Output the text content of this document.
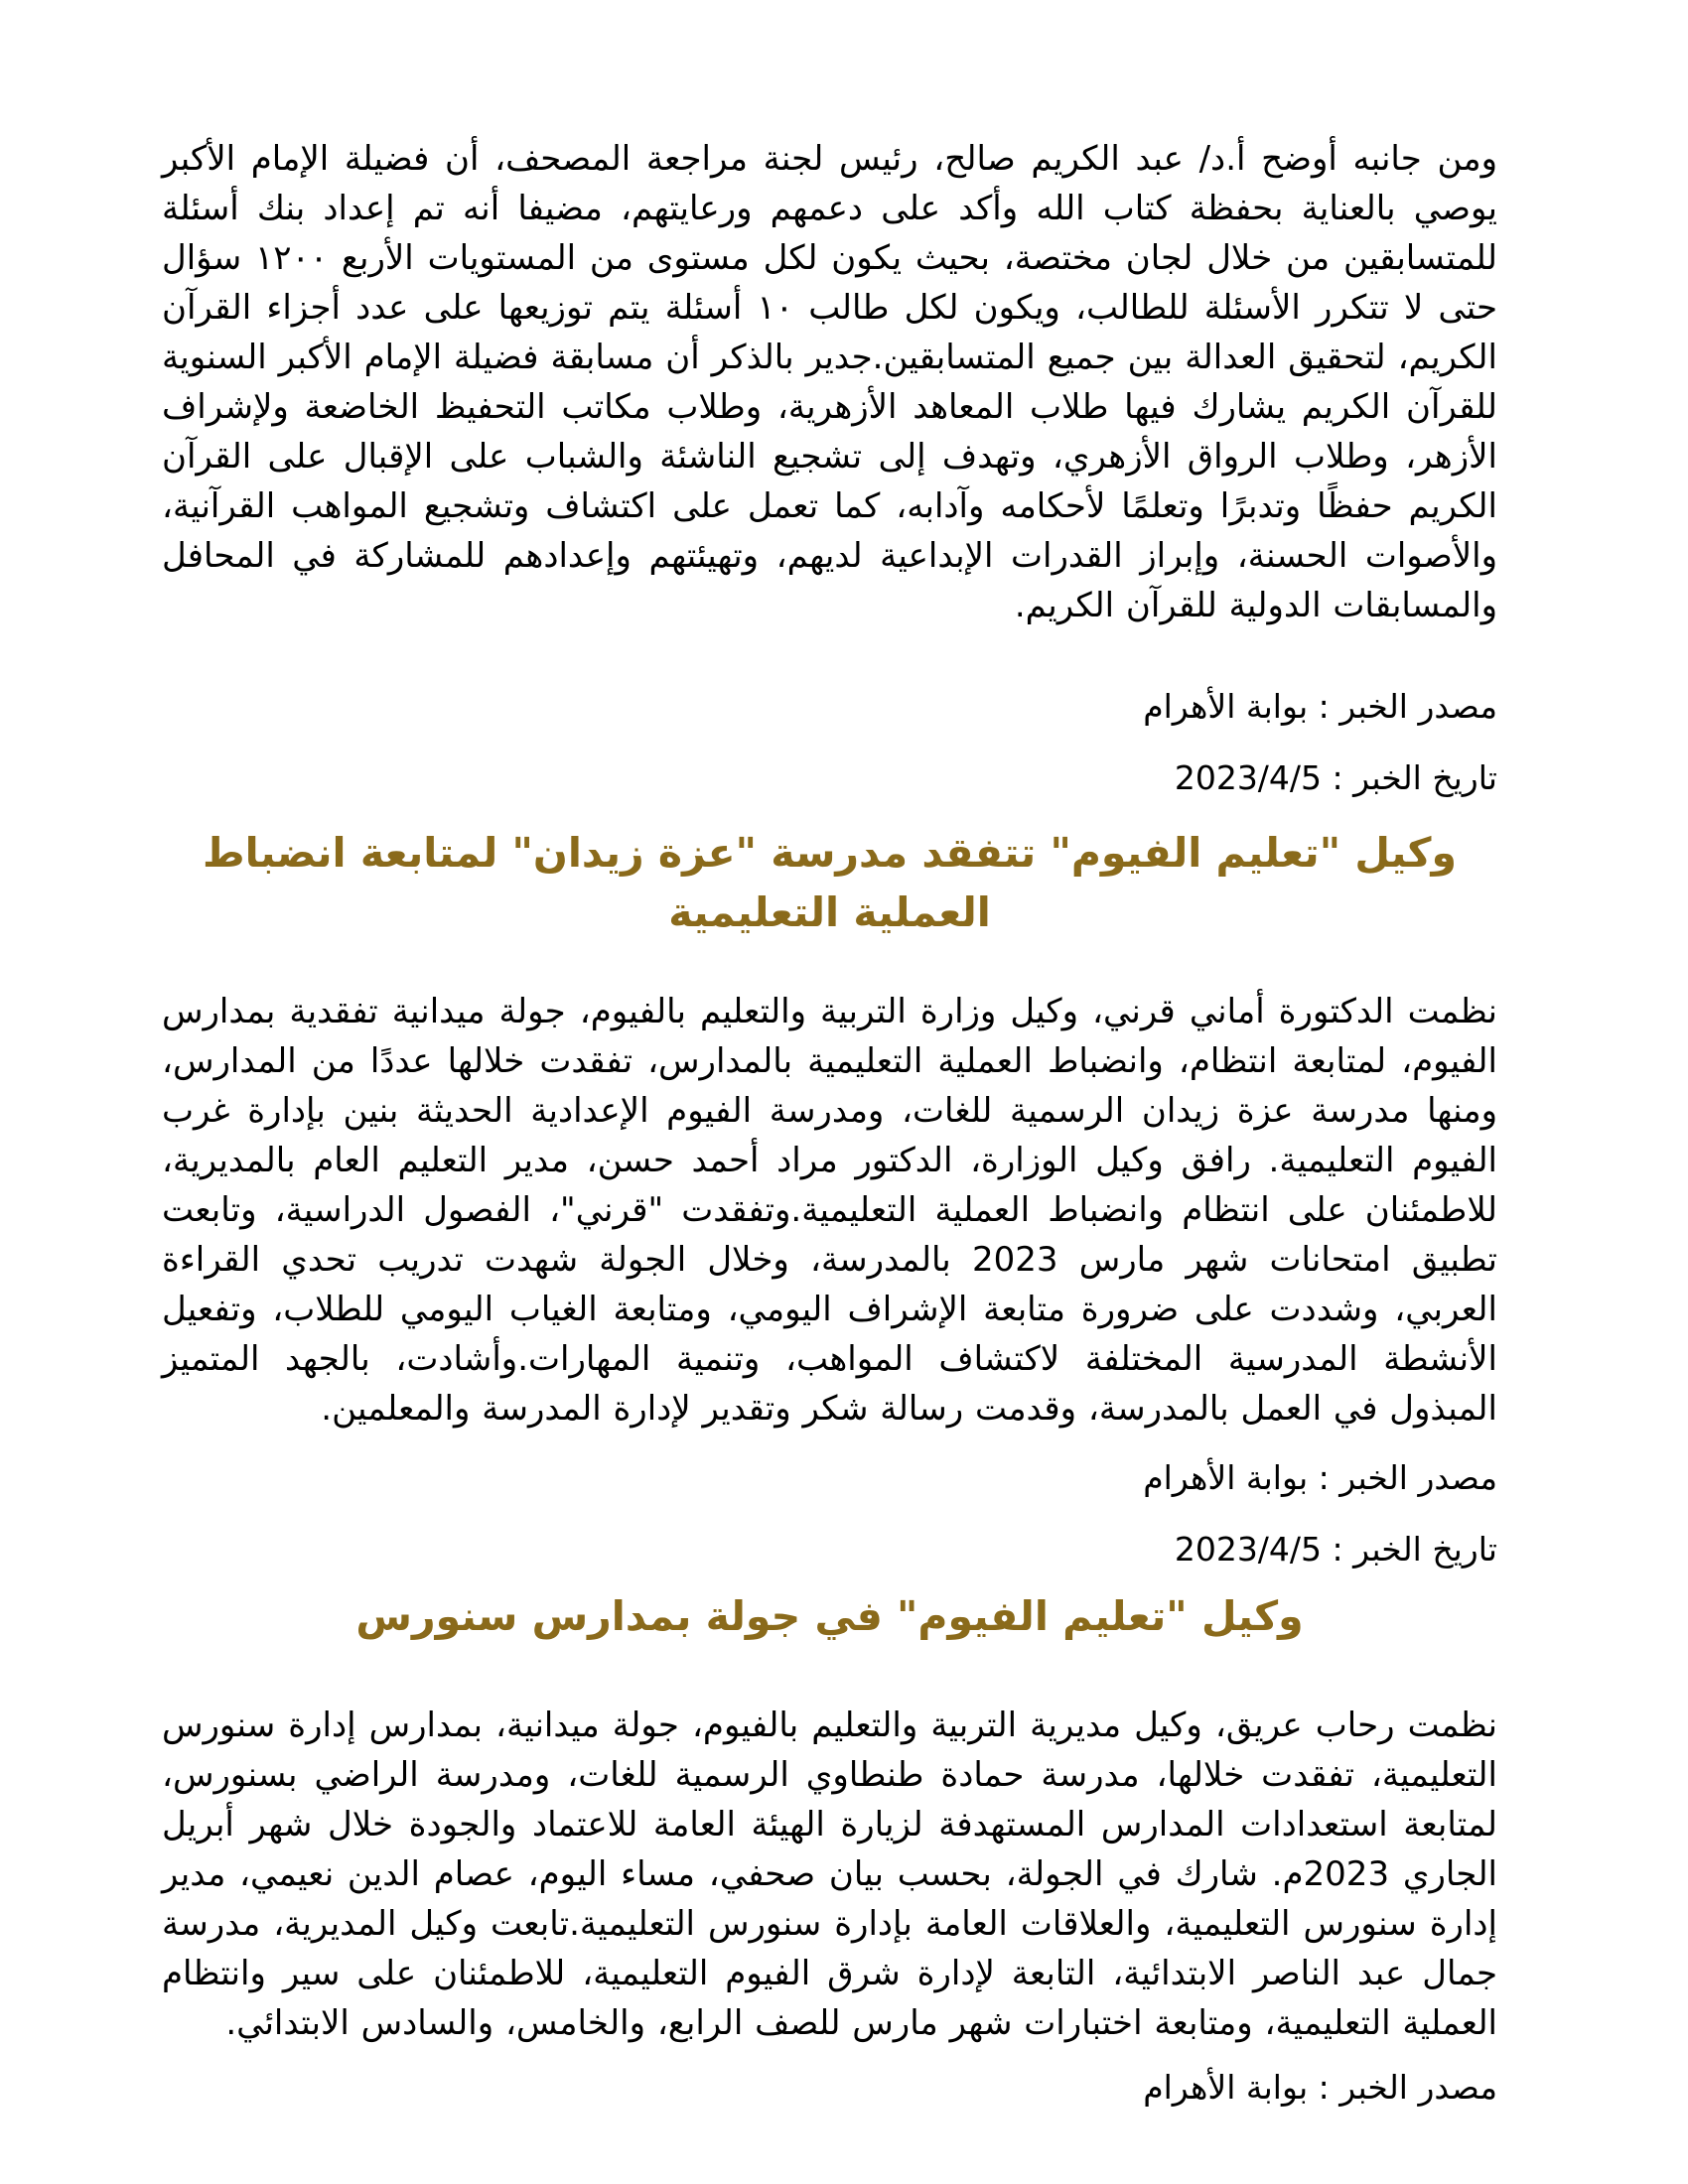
ومن جانبه أوضح أ.د/ عبد الكريم صالح، رئيس لجنة مراجعة المصحف، أن فضيلة الإمام الأكبر يوصي بالعناية بحفظة كتاب الله وأكد على دعمهم ورعايتهم، مضيفا أنه تم إعداد بنك أسئلة للمتسابقين من خلال لجان مختصة، بحيث يكون لكل مستوى من المستويات الأربع ١٢٠٠ سؤال حتى لا تتكرر الأسئلة للطالب، ويكون لكل طالب ١٠ أسئلة يتم توزيعها على عدد أجزاء القرآن الكريم، لتحقيق العدالة بين جميع المتسابقين.جدير بالذكر أن مسابقة فضيلة الإمام الأكبر السنوية للقرآن الكريم يشارك فيها طلاب المعاهد الأزهرية، وطلاب مكاتب التحفيظ الخاضعة ولإشراف الأزهر، وطلاب الرواق الأزهري، وتهدف إلى تشجيع الناشئة والشباب على الإقبال على القرآن الكريم حفظًا وتدبرًا وتعلمًا لأحكامه وآدابه، كما تعمل على اكتشاف وتشجيع المواهب القرآنية، والأصوات الحسنة، وإبراز القدرات الإبداعية لديهم، وتهيئتهم وإعدادهم للمشاركة في المحافل والمسابقات الدولية للقرآن الكريم.

مصدر الخبر : بوابة الأهرام

تاريخ الخبر : 2023/4/5

وكيل "تعليم الفيوم" تتفقد مدرسة "عزة زيدان" لمتابعة انضباط العملية التعليمية

نظمت الدكتورة أماني قرني، وكيل وزارة التربية والتعليم بالفيوم، جولة ميدانية تفقدية بمدارس الفيوم، لمتابعة انتظام، وانضباط العملية التعليمية بالمدارس، تفقدت خلالها عددًا من المدارس، ومنها مدرسة عزة زيدان الرسمية للغات، ومدرسة الفيوم الإعدادية الحديثة بنين بإدارة غرب الفيوم التعليمية. رافق وكيل الوزارة، الدكتور مراد أحمد حسن، مدير التعليم العام بالمديرية، للاطمئنان على انتظام وانضباط العملية التعليمية.وتفقدت "قرني"، الفصول الدراسية، وتابعت تطبيق امتحانات شهر مارس 2023 بالمدرسة، وخلال الجولة شهدت تدريب تحدي القراءة العربي، وشددت على ضرورة متابعة الإشراف اليومي، ومتابعة الغياب اليومي للطلاب، وتفعيل الأنشطة المدرسية المختلفة لاكتشاف المواهب، وتنمية المهارات.وأشادت، بالجهد المتميز المبذول في العمل بالمدرسة، وقدمت رسالة شكر وتقدير لإدارة المدرسة والمعلمين.

مصدر الخبر : بوابة الأهرام

تاريخ الخبر : 2023/4/5

وكيل "تعليم الفيوم" في جولة بمدارس سنورس

نظمت رحاب عريق، وكيل مديرية التربية والتعليم بالفيوم، جولة ميدانية، بمدارس إدارة سنورس التعليمية، تفقدت خلالها، مدرسة حمادة طنطاوي الرسمية للغات، ومدرسة الراضي بسنورس، لمتابعة استعدادات المدارس المستهدفة لزيارة الهيئة العامة للاعتماد والجودة خلال شهر أبريل الجاري 2023م. شارك في الجولة، بحسب بيان صحفي، مساء اليوم، عصام الدين نعيمي، مدير إدارة سنورس التعليمية، والعلاقات العامة بإدارة سنورس التعليمية.تابعت وكيل المديرية، مدرسة جمال عبد الناصر الابتدائية، التابعة لإدارة شرق الفيوم التعليمية، للاطمئنان على سير وانتظام العملية التعليمية، ومتابعة اختبارات شهر مارس للصف الرابع، والخامس، والسادس الابتدائي.

مصدر الخبر : بوابة الأهرام
